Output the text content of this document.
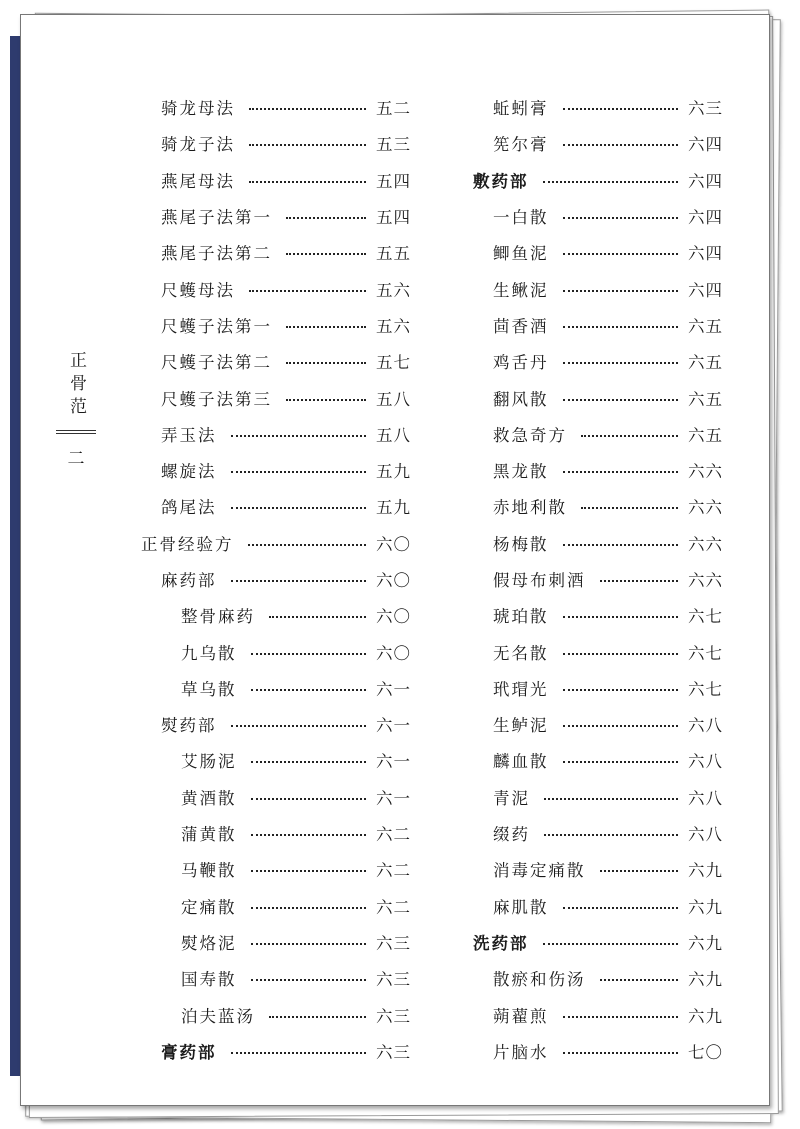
正骨范
二
骑龙母法	五二
骑龙子法	五三
燕尾母法	五四
燕尾子法第一	五四
燕尾子法第二	五五
尺蠖母法	五六
尺蠖子法第一	五六
尺蠖子法第二	五七
尺蠖子法第三	五八
弄玉法	五八
螺旋法	五九
鸽尾法	五九
正骨经验方	六〇
麻药部	六〇
整骨麻药	六〇
九乌散	六〇
草乌散	六一
熨药部	六一
艾肠泥	六一
黄酒散	六一
蒲黄散	六二
马鞭散	六二
定痛散	六二
熨烙泥	六三
国寿散	六三
泊夫蓝汤	六三
膏药部	六三
蚯蚓膏	六三
筅尔膏	六四
敷药部	六四
一白散	六四
鲫鱼泥	六四
生鳅泥	六四
茴香酒	六五
鸡舌丹	六五
翻风散	六五
救急奇方	六五
黑龙散	六六
赤地利散	六六
杨梅散	六六
假母布刺酒	六六
琥珀散	六七
无名散	六七
玳瑁光	六七
生鲈泥	六八
麟血散	六八
青泥	六八
缀药	六八
消毒定痛散	六九
麻肌散	六九
洗药部	六九
散瘀和伤汤	六九
蒴藋煎	六九
片脑水	七〇
